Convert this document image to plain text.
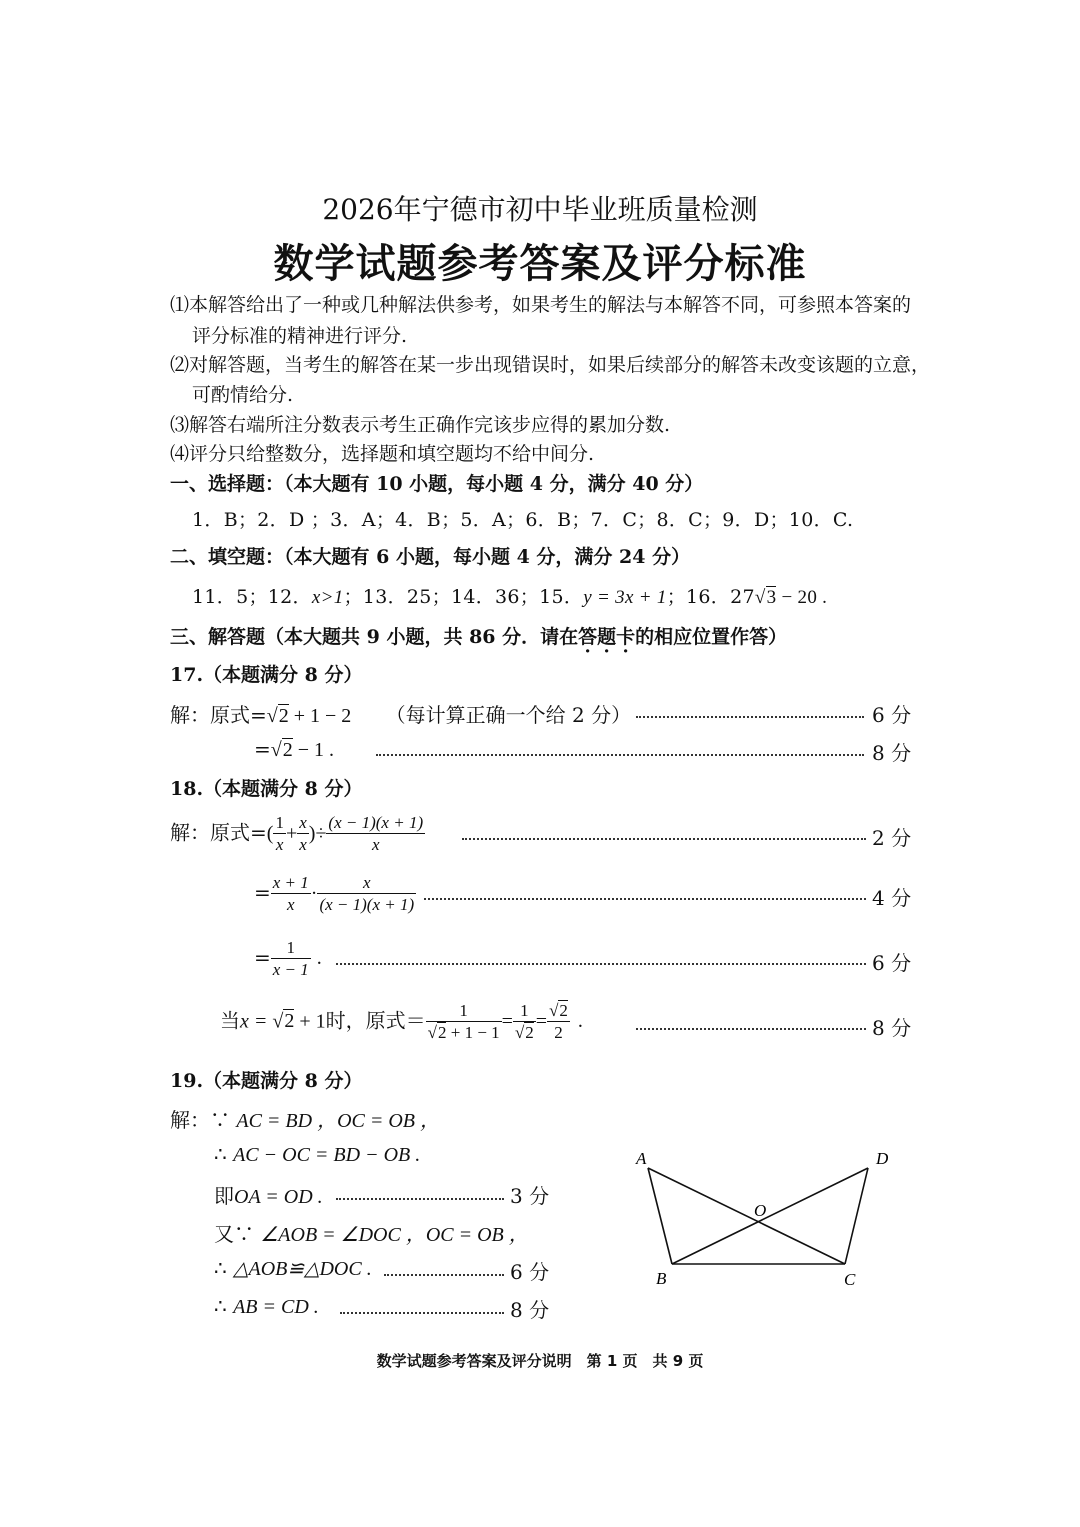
2026年宁德市初中毕业班质量检测
数学试题参考答案及评分标准
⑴本解答给出了一种或几种解法供参考，如果考生的解法与本解答不同，可参照本答案的
评分标准的精神进行评分.
⑵对解答题，当考生的解答在某一步出现错误时，如果后续部分的解答未改变该题的立意，
可酌情给分.
⑶解答右端所注分数表示考生正确作完该步应得的累加分数.
⑷评分只给整数分，选择题和填空题均不给中间分.
一、选择题：（本大题有 10 小题，每小题 4 分，满分 40 分）
1．B；2．D ；3．A；4．B；5．A；6．B；7．C；8．C；9．D；10．C.
二、填空题：（本大题有 6 小题，每小题 4 分，满分 24 分）
11．5；12．x>1；13．25；14．36；15．y = 3x + 1；16．27√3 − 20 .
三、解答题（本大题共 9 小题，共 86 分．请在答题卡的相应位置作答）
17.（本题满分 8 分）
解：原式=√2 + 1 − 2 （每计算正确一个给 2 分）	6 分
=√2 − 1 .	8 分
18.（本题满分 8 分）
解：原式=( $\frac{1}{x} + \frac{x}{x}$ )÷ $\frac{(x - 1)(x + 1)}{x}$	2 分
= $\frac{x + 1}{x} \cdot \frac{x}{(x - 1)(x + 1)}$	4 分
= $\frac{1}{x - 1}$ .	6 分
当x = √2 + 1时，原式＝ $\frac{1}{√2 + 1 - 1} = \frac{1}{√2} = \frac{√2}{2}$ .	8 分
19.（本题满分 8 分）
解：∵ AC = BD ，OC = OB ，
∴ AC − OC = BD − OB .
即OA = OD .	3 分
又∵ ∠AOB = ∠DOC ，OC = OB ，
∴ △AOB≌△DOC .	6 分
∴ AB = CD .	8 分
A
B	C
D
O
数学试题参考答案及评分说明　第 1 页　共 9 页
